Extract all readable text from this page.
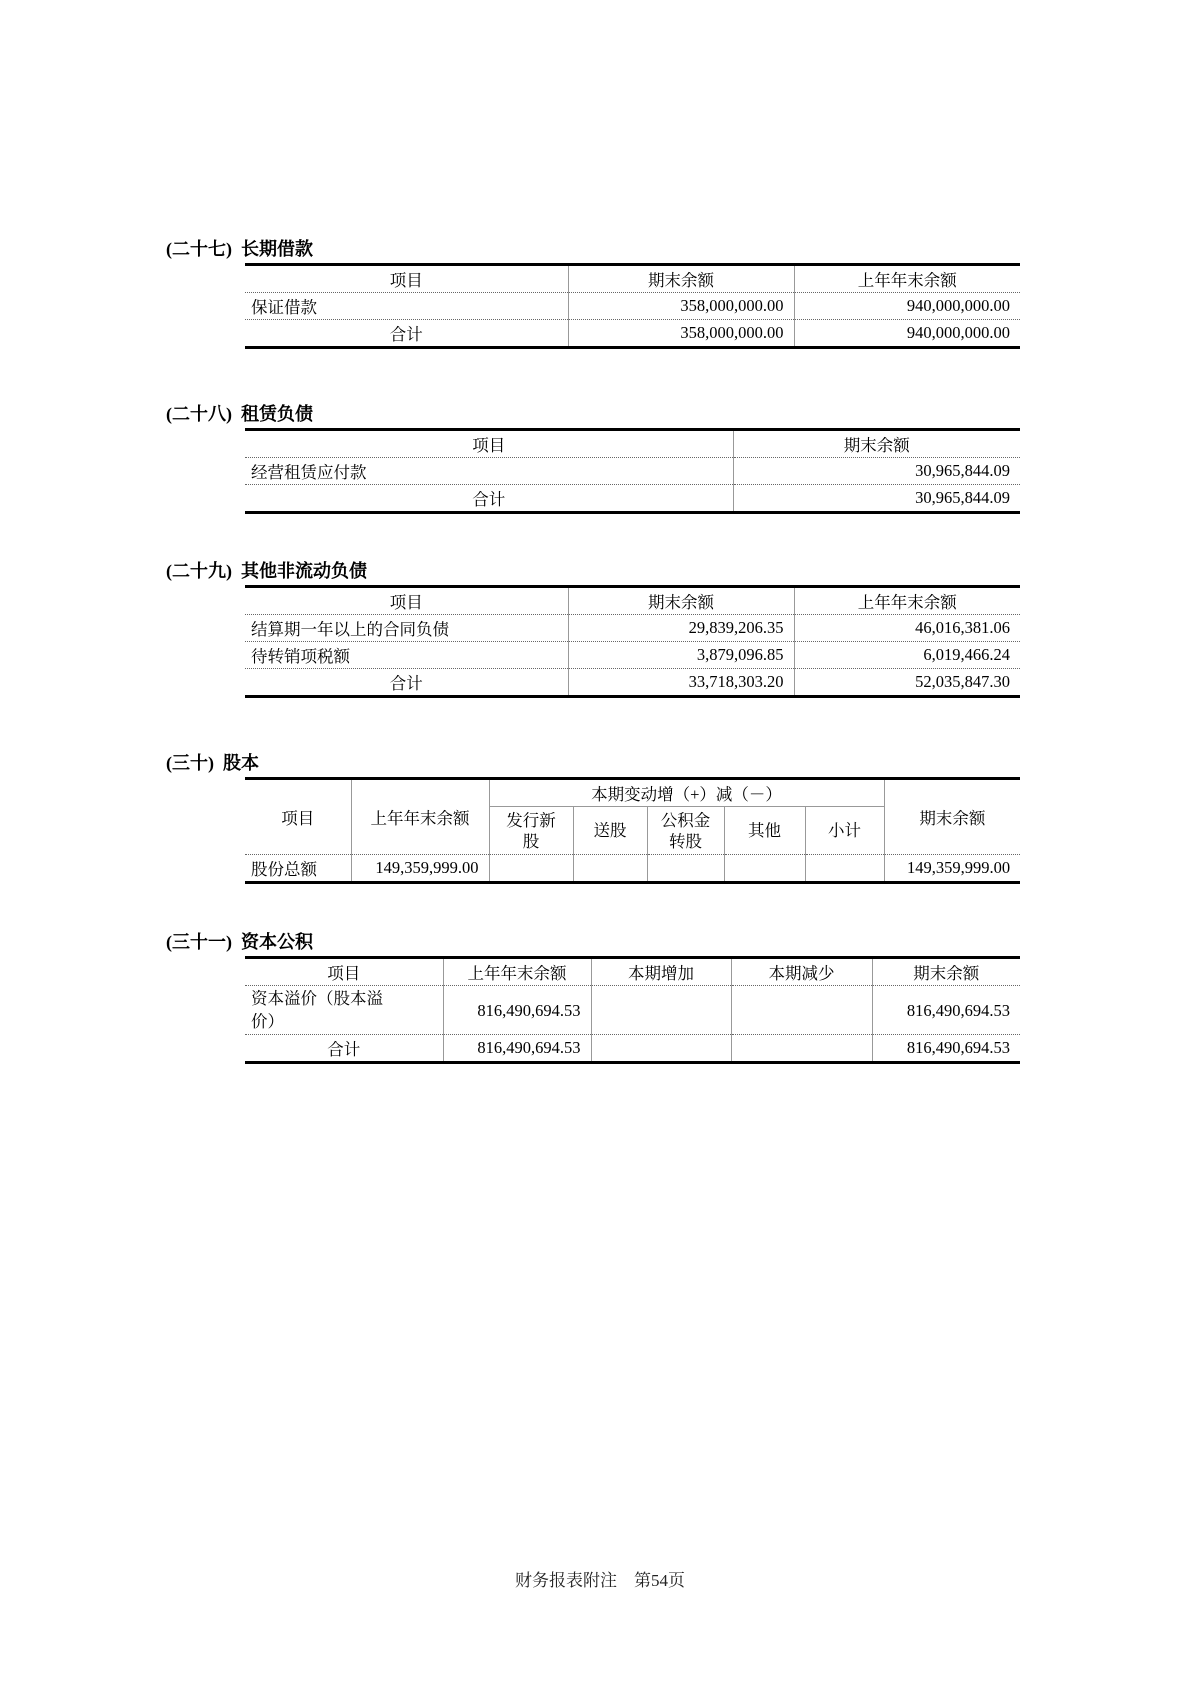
(二十七) 长期借款
项目	期末余额	上年年末余额
保证借款	358,000,000.00	940,000,000.00
合计	358,000,000.00	940,000,000.00
(二十八) 租赁负债
项目	期末余额
经营租赁应付款	30,965,844.09
合计	30,965,844.09
(二十九) 其他非流动负债
项目	期末余额	上年年末余额
结算期一年以上的合同负债	29,839,206.35	46,016,381.06
待转销项税额	3,879,096.85	6,019,466.24
合计	33,718,303.20	52,035,847.30
(三十) 股本
项目	上年年末余额	本期变动增（+）减（－）					期末余额
		发行新股	送股	公积金转股	其他	小计	
股份总额	149,359,999.00						149,359,999.00
(三十一) 资本公积
项目	上年年末余额	本期增加	本期减少	期末余额
资本溢价（股本溢价）	816,490,694.53			816,490,694.53
合计	816,490,694.53			816,490,694.53
财务报表附注　第54页
